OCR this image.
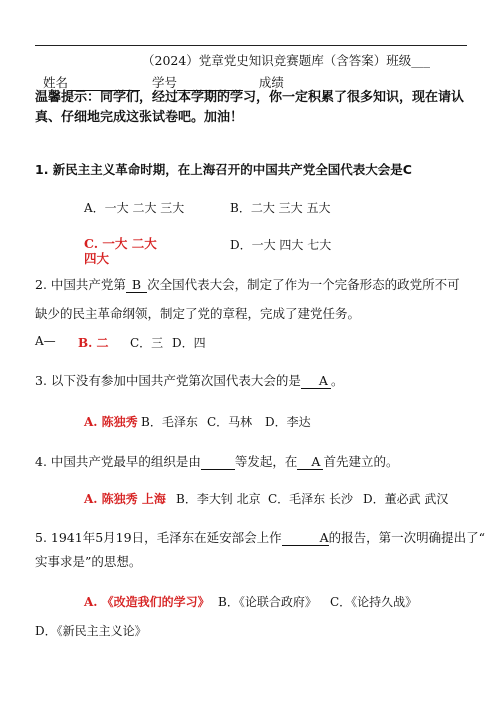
（2024）党章党史知识竞赛题库（含答案）班级___
姓名	学号	成绩
温馨提示：同学们，经过本学期的学习，你一定积累了很多知识，现在请认真、仔细地完成这张试卷吧。加油！
1. 新民主主义革命时期，在上海召开的中国共产党全国代表大会是C
A．一大 二大 三大	B．二大 三大 五大
C. 一大 二大 四大
D．一大 四大 七大
2. 中国共产党第 B 次全国代表大会，制定了作为一个完备形态的政党所不可
缺少的民主革命纲领，制定了党的章程，完成了建党任务。
A— B. 二 C．三 D．四
3. 以下没有参加中国共产党第次国代表大会的是 A 。
A. 陈独秀 B．毛泽东 C．马林 D．李达
4. 中国共产党最早的组织是由	等发起，在 A 首先建立的。
A. 陈独秀 上海 B．李大钊 北京 C．毛泽东 长沙 D．董必武 武汉
5. 1941年5月19日，毛泽东在延安部会上作	A的报告，第一次明确提出了“
实事求是”的思想。
A. 《改造我们的学习》 B．《论联合政府》 C．《论持久战》
D．《新民主主义论》
